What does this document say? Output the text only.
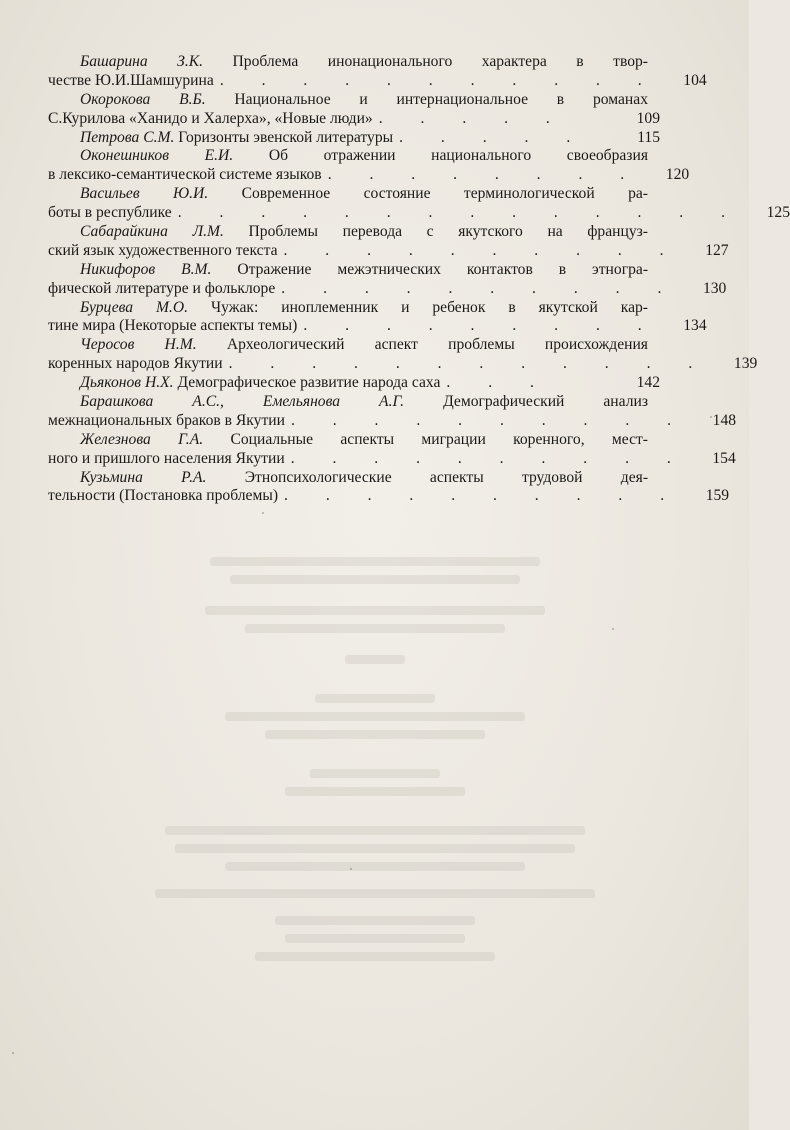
Башарина З.К. Проблема инонационального характера в твор-
честве Ю.И.Шамшурина . . . . . . . . . . .	104
Окорокова В.Б. Национальное и интернациональное в романах
С.Курилова «Ханидо и Халерха», «Новые люди» . . . . .	109
Петрова С.М. Горизонты эвенской литературы . . . . .	115
Оконешников Е.И. Об отражении национального своеобразия
в лексико-семантической системе языков . . . . . . . .	120
Васильев Ю.И. Современное состояние терминологической ра-
боты в республике . . . . . . . . . . . . . .	125
Сабарайкина Л.М. Проблемы перевода с якутского на француз-
ский язык художественного текста . . . . . . . . . .	127
Никифоров В.М. Отражение межэтнических контактов в этногра-
фической литературе и фольклоре . . . . . . . . . .	130
Бурцева М.О. Чужак: иноплеменник и ребенок в якутской кар-
тине мира (Некоторые аспекты темы) . . . . . . . . .	134
Черосов Н.М. Археологический аспект проблемы происхождения
коренных народов Якутии . . . . . . . . . . . .	139
Дьяконов Н.Х. Демографическое развитие народа саха . . .	142
Барашкова А.С., Емельянова А.Г.	Демографический анализ
межнациональных браков в Якутии . . . . . . . . . .	148
Железнова Г.А. Социальные аспекты миграции коренного, мест-
ного и пришлого населения Якутии . . . . . . . . . .	154
Кузьмина Р.А. Этнопсихологические аспекты трудовой дея-
тельности (Постановка проблемы) . . . . . . . . . .	159
